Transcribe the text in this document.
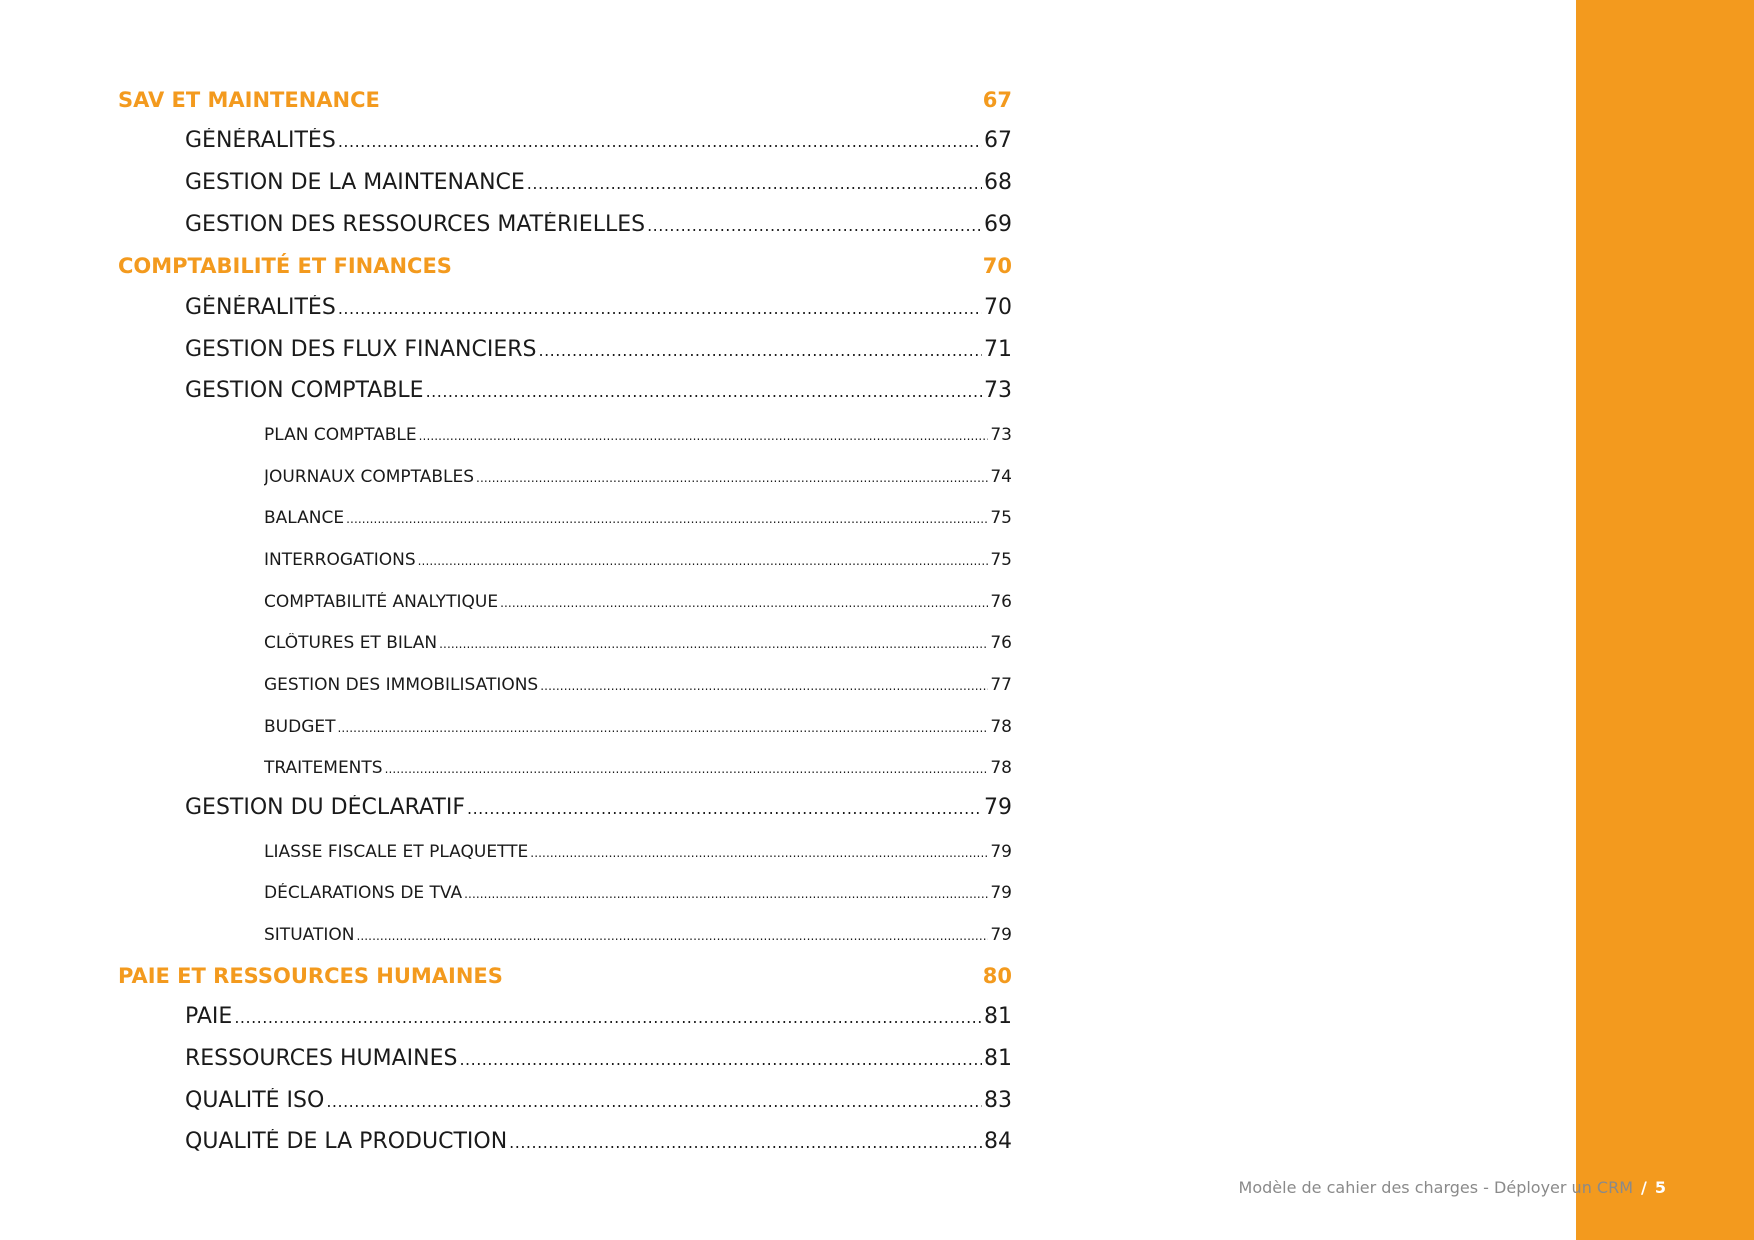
SAV ET MAINTENANCE	67
GÉNÉRALITÉS .....	67
GESTION DE LA MAINTENANCE .....	68
GESTION DES RESSOURCES MATÉRIELLES .....	69
COMPTABILITÉ ET FINANCES	70
GÉNÉRALITÉS .....	70
GESTION DES FLUX FINANCIERS .....	71
GESTION COMPTABLE .....	73
PLAN COMPTABLE .....	73
JOURNAUX COMPTABLES .....	74
BALANCE .....	75
INTERROGATIONS .....	75
COMPTABILITÉ ANALYTIQUE .....	76
CLÔTURES ET BILAN .....	76
GESTION DES IMMOBILISATIONS .....	77
BUDGET .....	78
TRAITEMENTS .....	78
GESTION DU DÉCLARATIF .....	79
LIASSE FISCALE ET PLAQUETTE .....	79
DÉCLARATIONS DE TVA .....	79
SITUATION .....	79
PAIE ET RESSOURCES HUMAINES	80
PAIE .....	81
RESSOURCES HUMAINES .....	81
QUALITÉ ISO .....	83
QUALITÉ DE LA PRODUCTION .....	84
Modèle de cahier des charges - Déployer un CRM / 5
